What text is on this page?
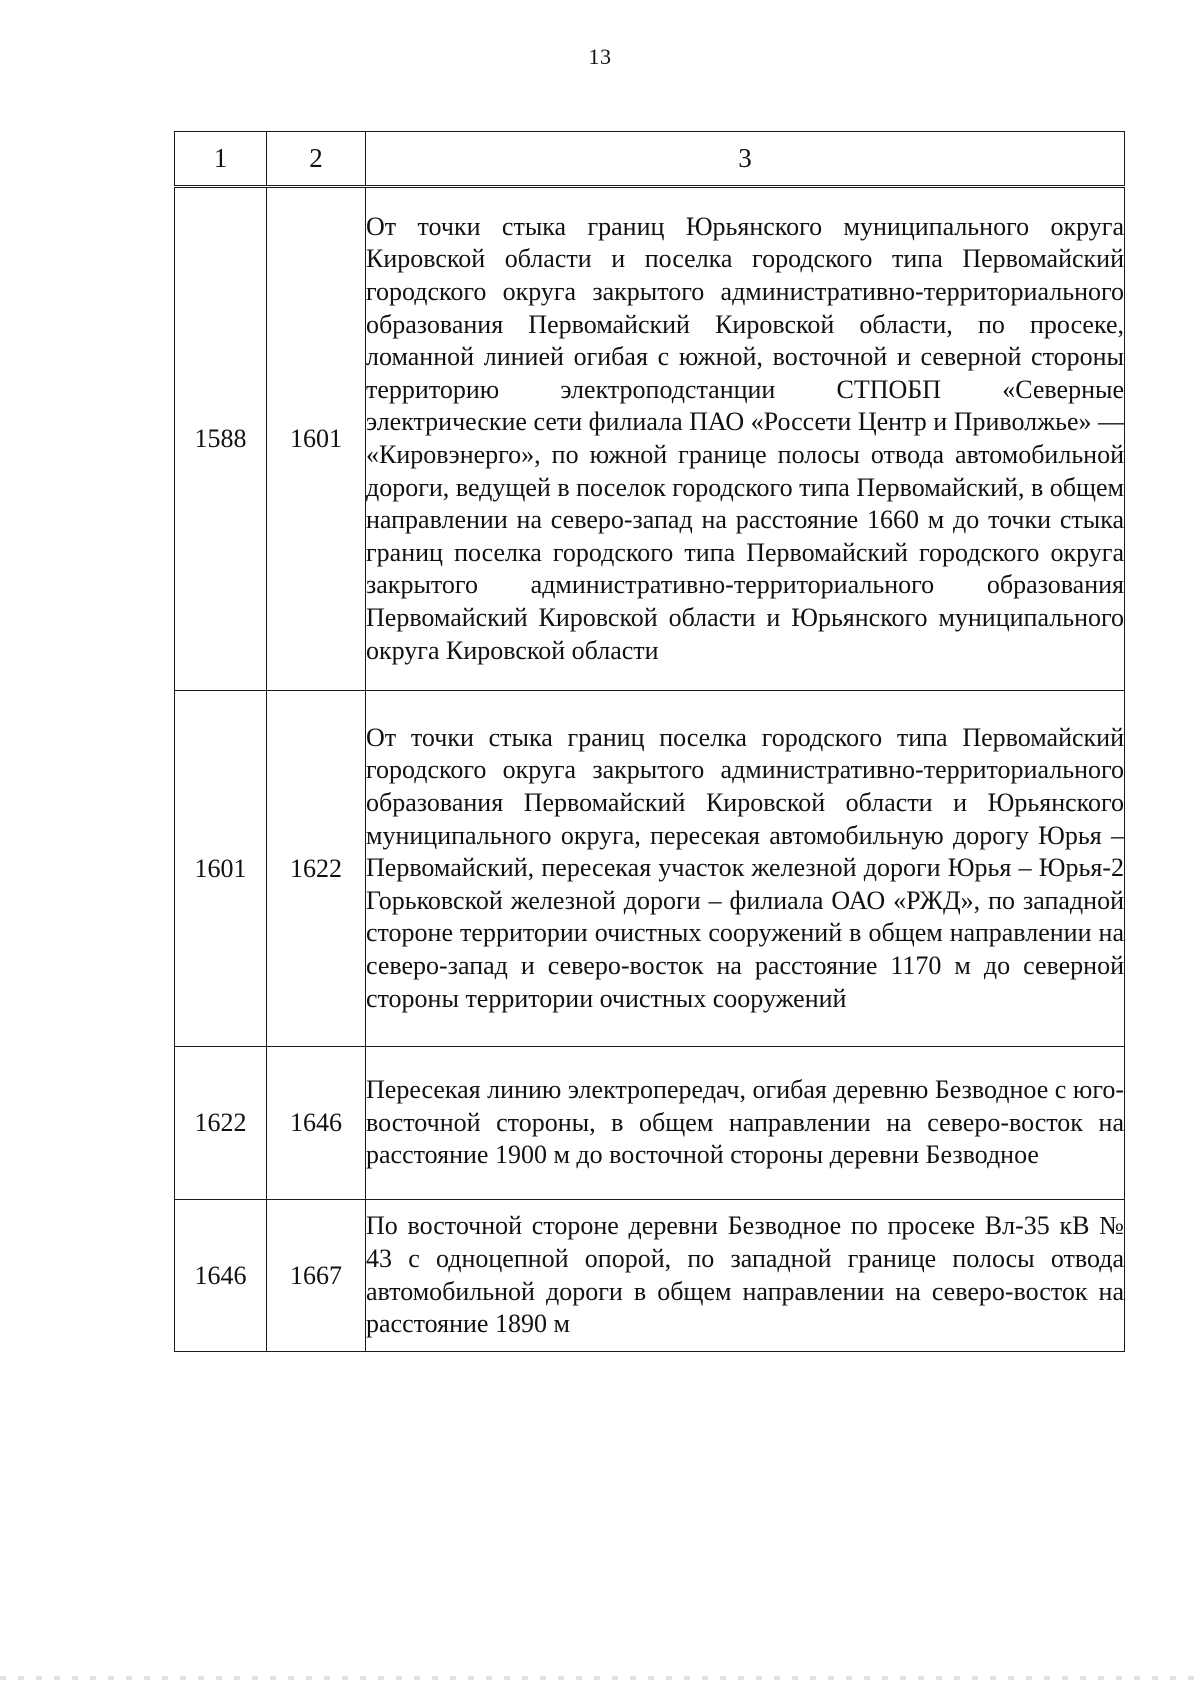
13
1	2	3
1588	1601	От точки стыка границ Юрьянского муниципального округа Кировской области и поселка городского типа Первомайский городского округа закрытого административно-территориального образования Первомайский Кировской области, по просеке, ломанной линией огибая с южной, восточной и северной стороны территорию электроподстанции СТПОБП «Северные электрические сети филиала ПАО «Россети Центр и Приволжье» — «Кировэнерго», по южной границе полосы отвода автомобильной дороги, ведущей в поселок городского типа Первомайский, в общем направлении на северо-запад на расстояние 1660 м до точки стыка границ поселка городского типа Первомайский городского округа закрытого административно-территориального образования Первомайский Кировской области и Юрьянского муниципального округа Кировской области

1601	1622	От точки стыка границ поселка городского типа Первомайский городского округа закрытого административно-территориального образования Первомайский Кировской области и Юрьянского муниципального округа, пересекая автомобильную дорогу Юрья – Первомайский, пересекая участок железной дороги Юрья – Юрья-2 Горьковской железной дороги – филиала ОАО «РЖД», по западной стороне территории очистных сооружений в общем направлении на северо-запад и северо-восток на расстояние 1170 м до северной стороны территории очистных сооружений

1622	1646	Пересекая линию электропередач, огибая деревню Безводное с юго-восточной стороны, в общем направлении на северо-восток на расстояние 1900 м до восточной стороны деревни Безводное

1646	1667	По восточной стороне деревни Безводное по просеке Вл-35 кВ № 43 с одноцепной опорой, по западной границе полосы отвода автомобильной дороги в общем направлении на северо-восток на расстояние 1890 м
